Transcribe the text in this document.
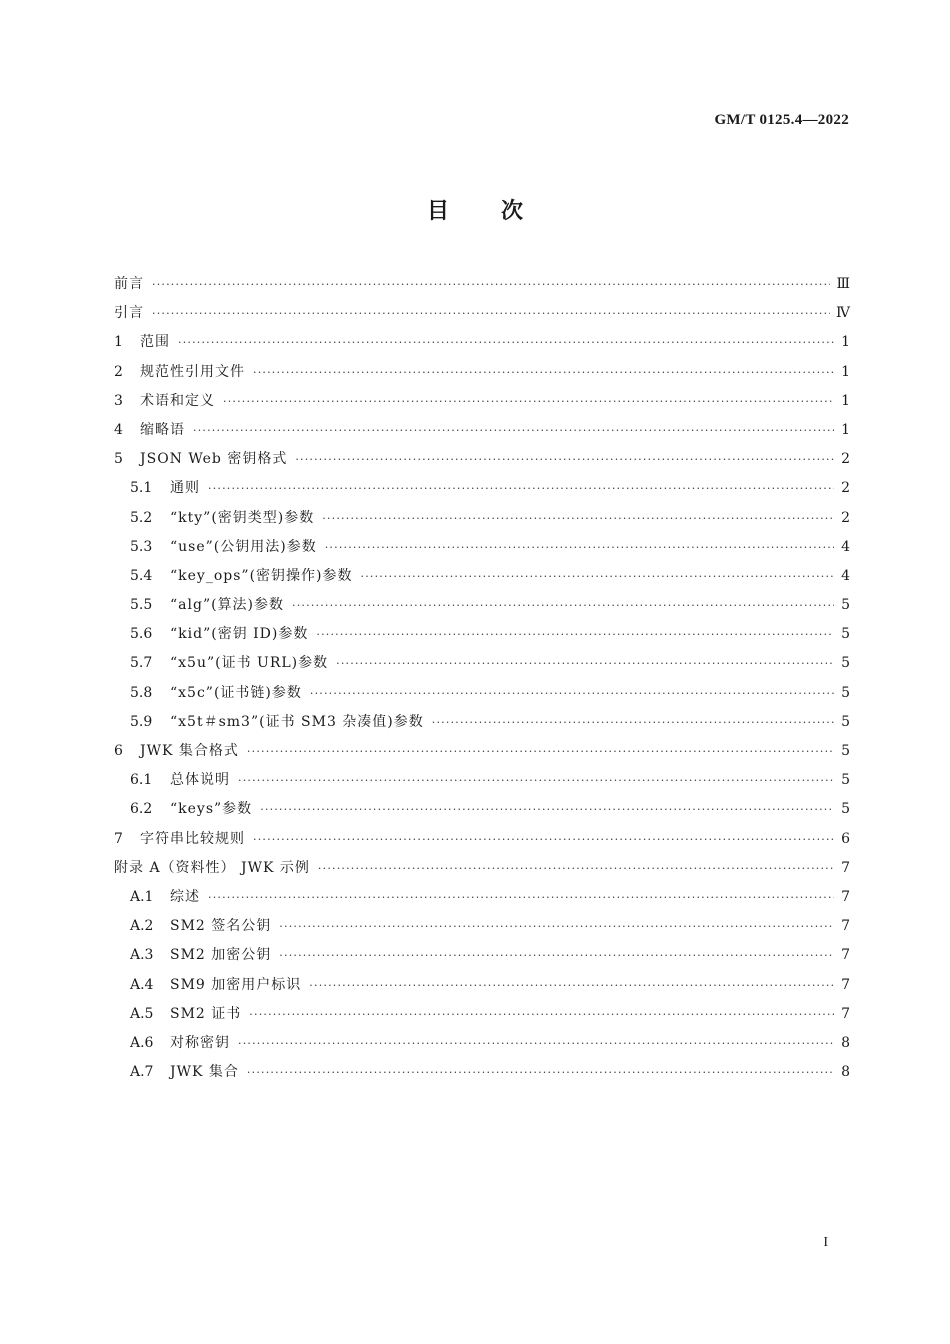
GM/T 0125.4—2022
目次
前言 ·····	Ⅲ
引言 ·····	Ⅳ
1	范围 ·····	1
2	规范性引用文件 ·····	1
3	术语和定义 ·····	1
4	缩略语 ·····	1
5	JSON Web 密钥格式 ·····	2
5.1	通则 ·····	2
5.2	“kty”(密钥类型)参数 ·····	2
5.3	“use”(公钥用法)参数 ·····	4
5.4	“key_ops”(密钥操作)参数 ·····	4
5.5	“alg”(算法)参数 ·····	5
5.6	“kid”(密钥 ID)参数 ·····	5
5.7	“x5u”(证书 URL)参数 ·····	5
5.8	“x5c”(证书链)参数 ·····	5
5.9	“x5t＃sm3”(证书 SM3 杂凑值)参数 ·····	5
6	JWK 集合格式 ·····	5
6.1	总体说明 ·····	5
6.2	“keys”参数 ·····	5
7	字符串比较规则 ·····	6
附录 A（资料性） JWK 示例 ·····	7
A.1	综述 ·····	7
A.2	SM2 签名公钥 ·····	7
A.3	SM2 加密公钥 ·····	7
A.4	SM9 加密用户标识 ·····	7
A.5	SM2 证书 ·····	7
A.6	对称密钥 ·····	8
A.7	JWK 集合 ·····	8
I
